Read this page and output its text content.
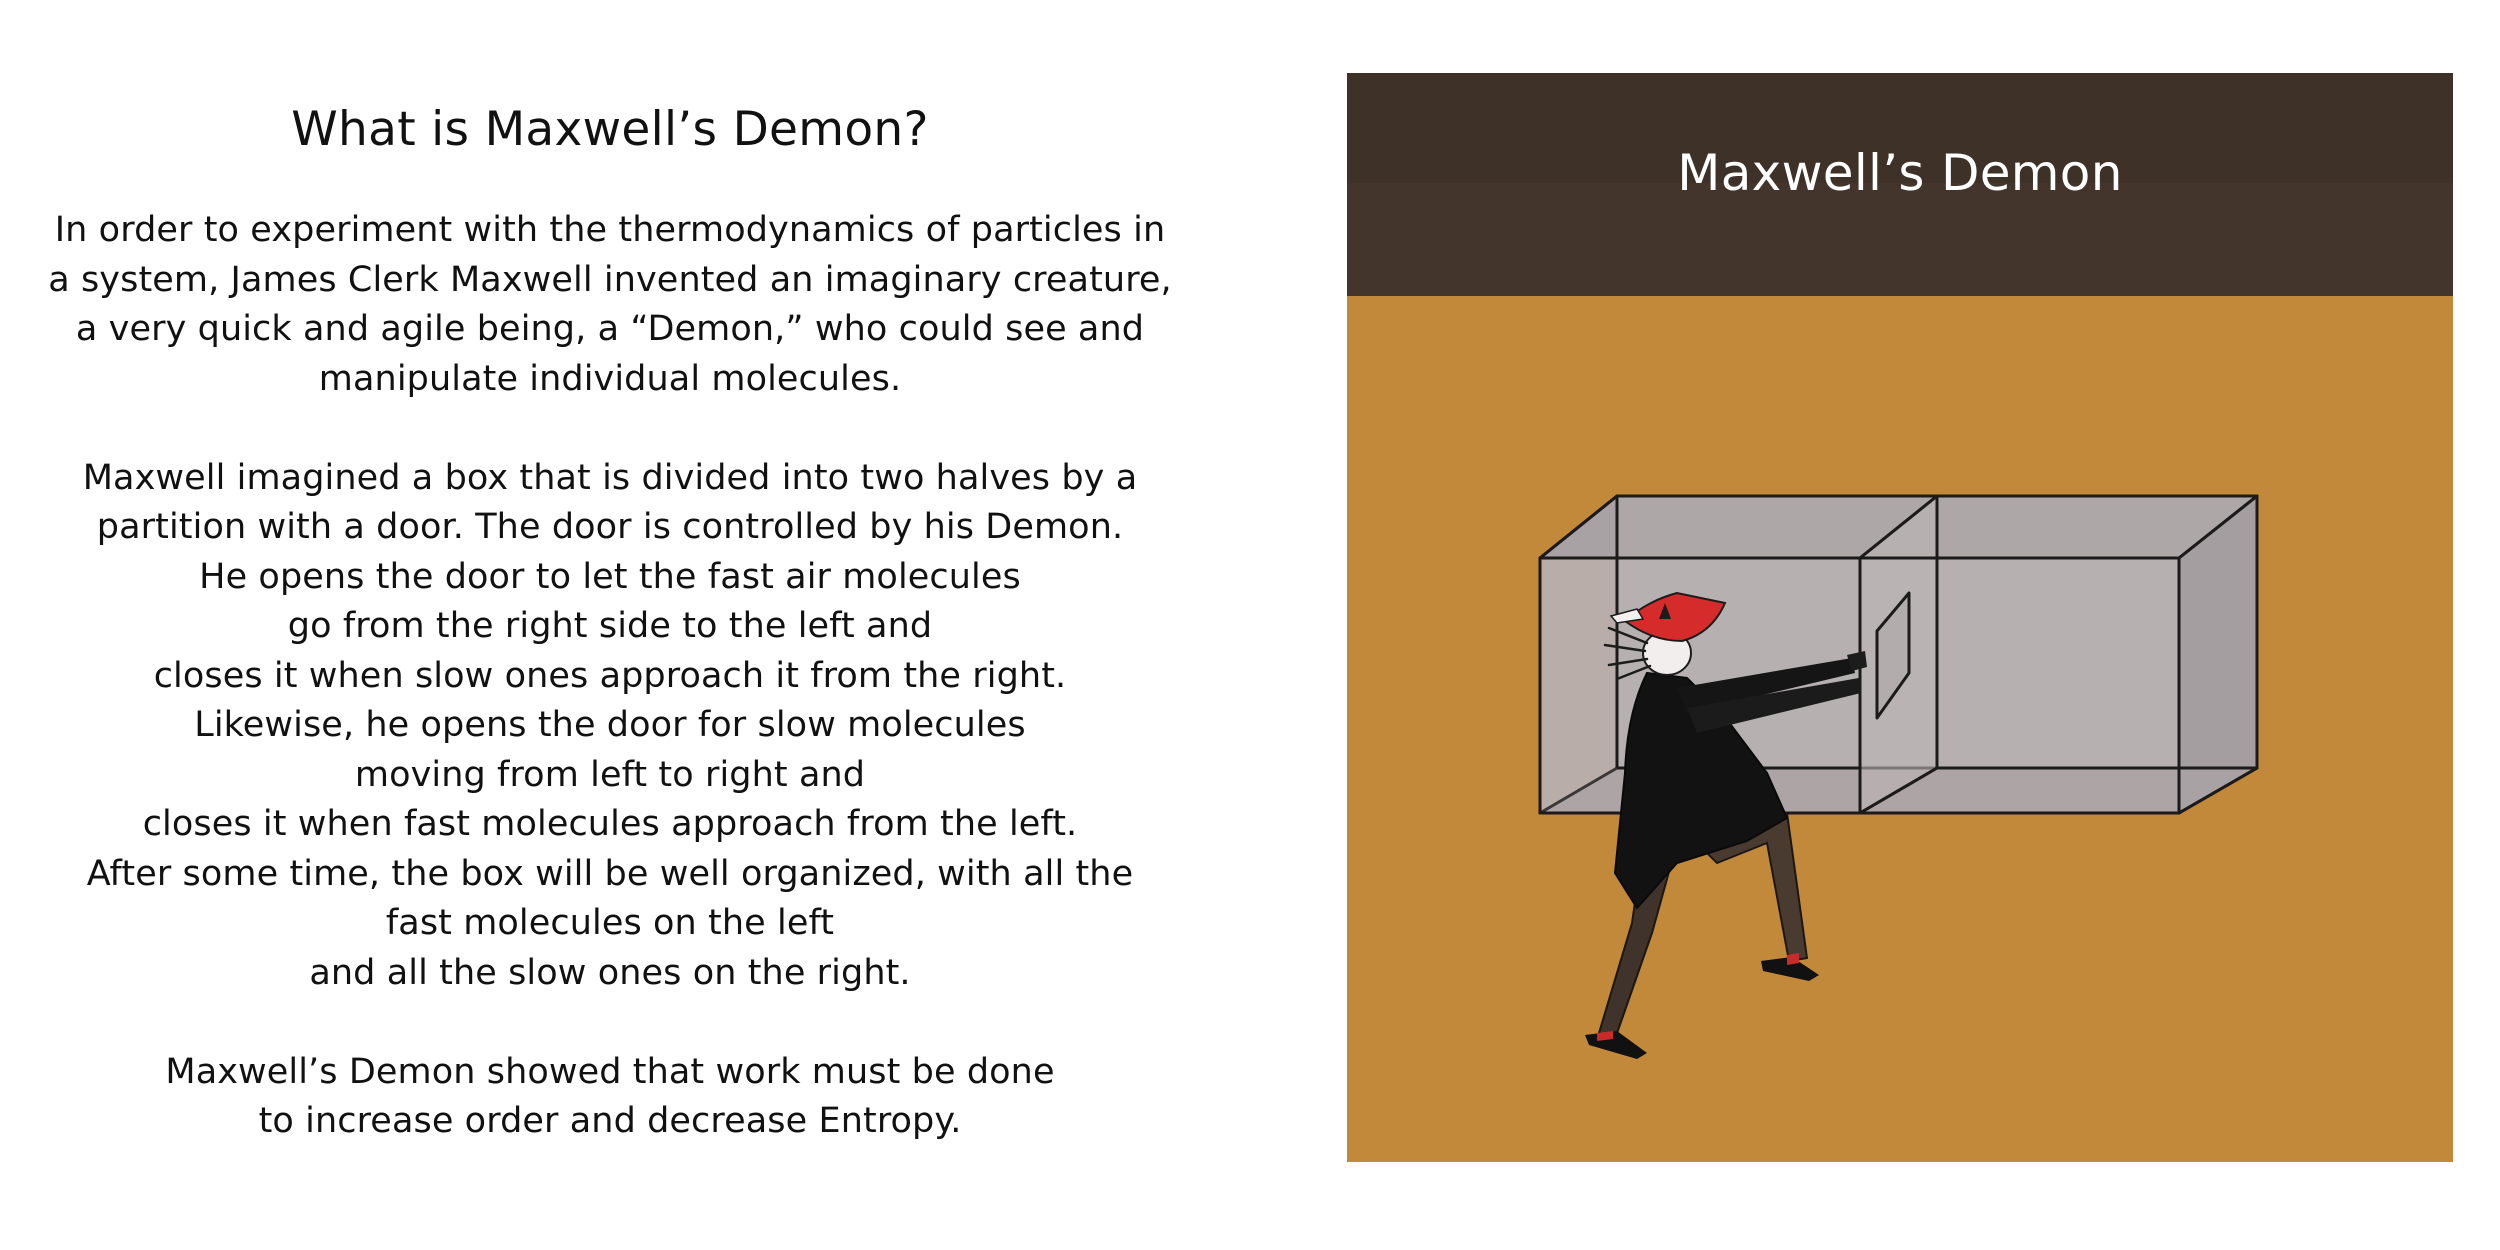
What is Maxwell’s Demon?

In order to experiment with the thermodynamics of particles in
a system, James Clerk Maxwell invented an imaginary creature,
a very quick and agile being, a “Demon,” who could see and
manipulate individual molecules.

Maxwell imagined a box that is divided into two halves by a
partition with a door. The door is controlled by his Demon.
He opens the door to let the fast air molecules
go from the right side to the left and
closes it when slow ones approach it from the right.
Likewise, he opens the door for slow molecules
moving from left to right and
closes it when fast molecules approach from the left.
After some time, the box will be well organized, with all the
fast molecules on the left
and all the slow ones on the right.

Maxwell’s Demon showed that work must be done
to increase order and decrease Entropy.

Maxwell’s Demon
